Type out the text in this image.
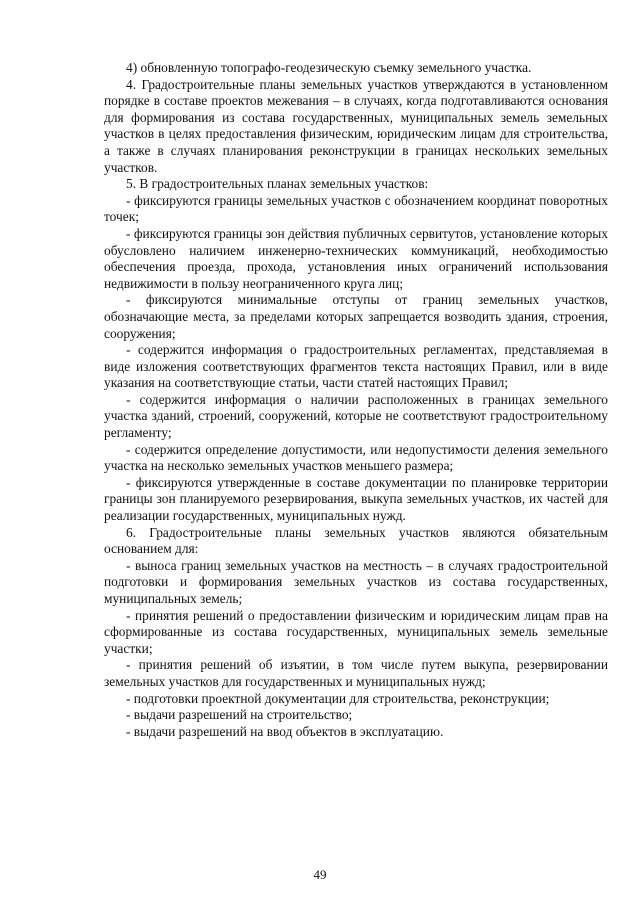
4) обновленную топографо-геодезическую съемку земельного участка.

4. Градостроительные планы земельных участков утверждаются в установленном порядке в составе проектов межевания – в случаях, когда подготавливаются основания для формирования из состава государственных, муниципальных земель земельных участков в целях предоставления физическим, юридическим лицам для строительства, а также в случаях планирования реконструкции в границах нескольких земельных участков.

5. В градостроительных планах земельных участков:

- фиксируются границы земельных участков с обозначением координат поворотных точек;

- фиксируются границы зон действия публичных сервитутов, установление которых обусловлено наличием инженерно-технических коммуникаций, необходимостью обеспечения проезда, прохода, установления иных ограничений использования недвижимости в пользу неограниченного круга лиц;

- фиксируются минимальные отступы от границ земельных участков, обозначающие места, за пределами которых запрещается возводить здания, строения, сооружения;

- содержится информация о градостроительных регламентах, представляемая в виде изложения соответствующих фрагментов текста настоящих Правил, или в виде указания на соответствующие статьи, части статей настоящих Правил;

- содержится информация о наличии расположенных в границах земельного участка зданий, строений, сооружений, которые не соответствуют градостроительному регламенту;

- содержится определение допустимости, или недопустимости деления земельного участка на несколько земельных участков меньшего размера;

- фиксируются утвержденные в составе документации по планировке территории границы зон планируемого резервирования, выкупа земельных участков, их частей для реализации государственных, муниципальных нужд.

6. Градостроительные планы земельных участков являются обязательным основанием для:

- выноса границ земельных участков на местность – в случаях градостроительной подготовки и формирования земельных участков из состава государственных, муниципальных земель;

- принятия решений о предоставлении физическим и юридическим лицам прав на сформированные из состава государственных, муниципальных земель земельные участки;

- принятия решений об изъятии, в том числе путем выкупа, резервировании земельных участков для государственных и муниципальных нужд;

- подготовки проектной документации для строительства, реконструкции;

- выдачи разрешений на строительство;

- выдачи разрешений на ввод объектов в эксплуатацию.

49
